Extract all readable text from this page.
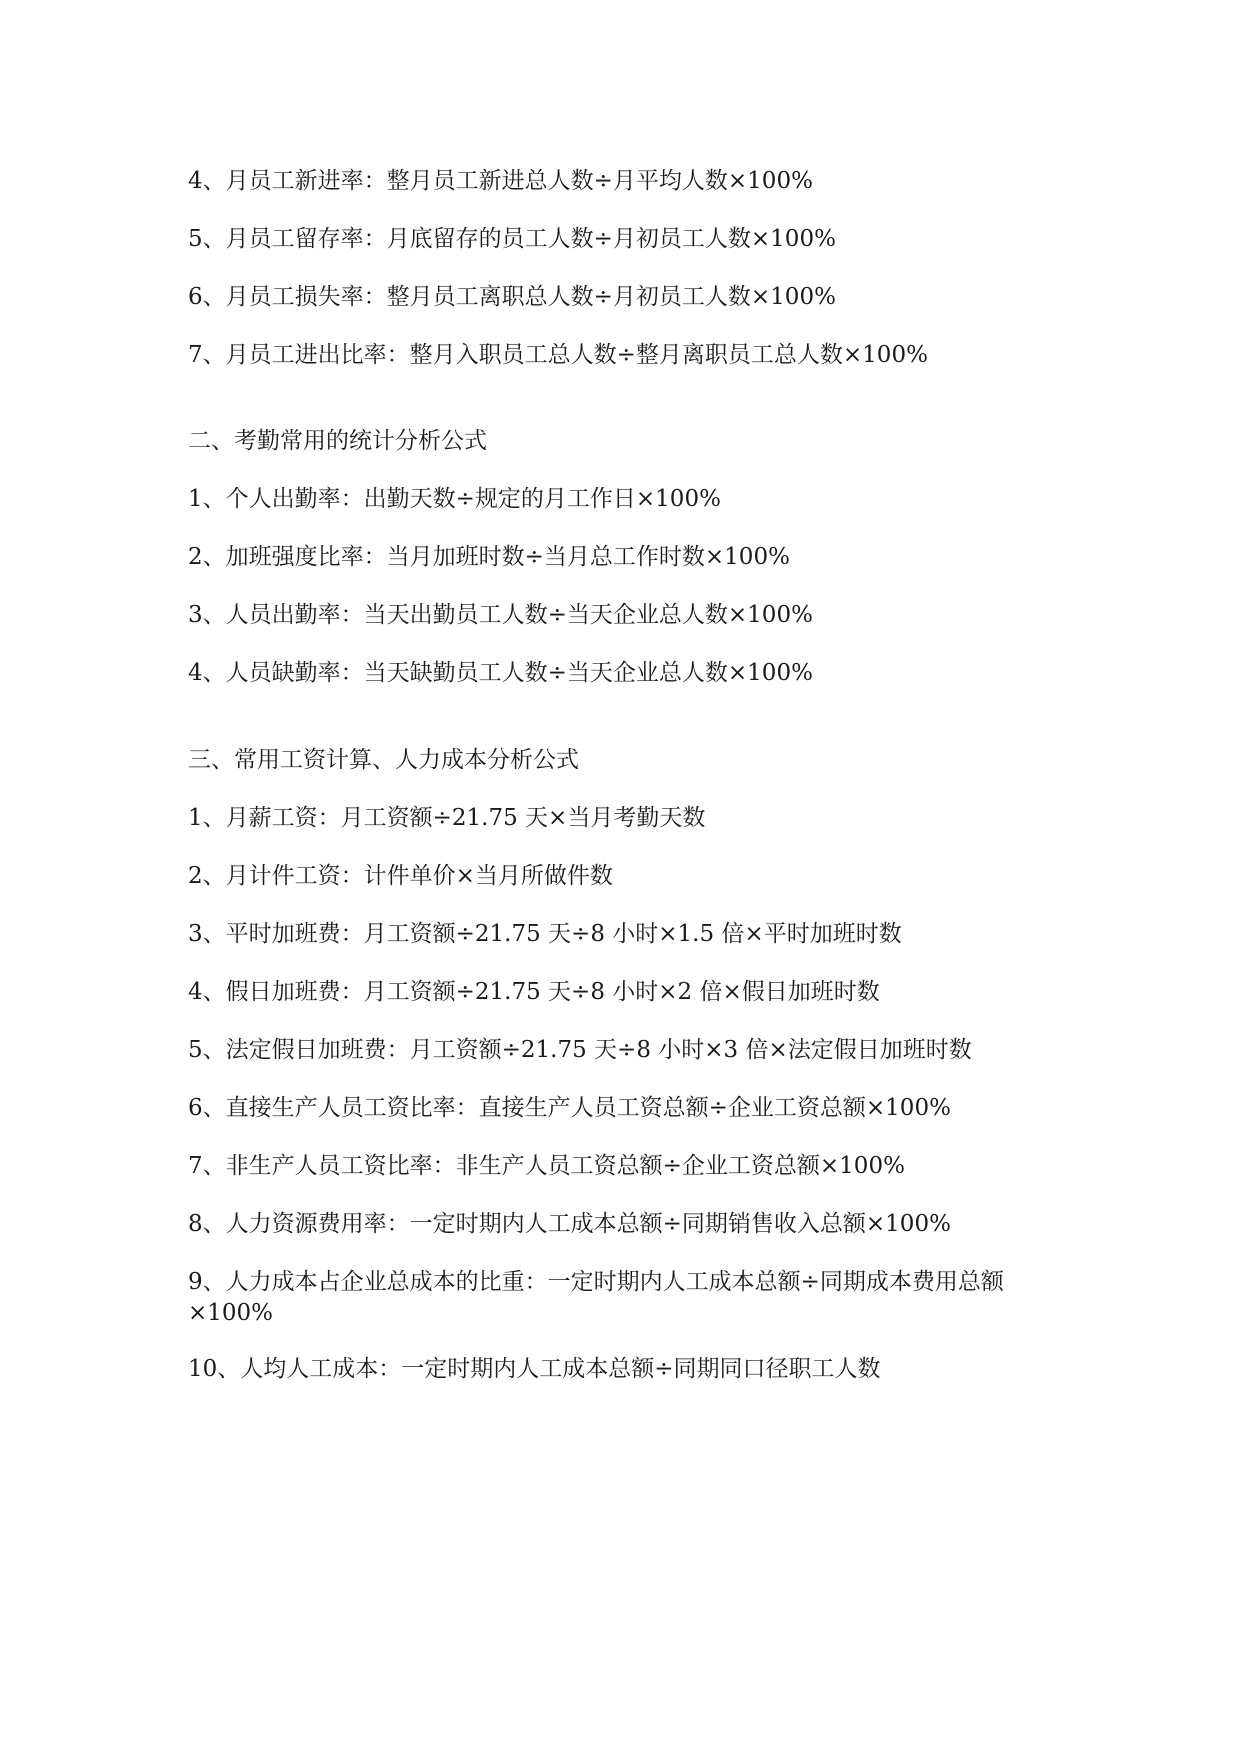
4、月员工新进率：整月员工新进总人数÷月平均人数×100%
5、月员工留存率：月底留存的员工人数÷月初员工人数×100%
6、月员工损失率：整月员工离职总人数÷月初员工人数×100%
7、月员工进出比率：整月入职员工总人数÷整月离职员工总人数×100%
二、考勤常用的统计分析公式
1、个人出勤率：出勤天数÷规定的月工作日×100%
2、加班强度比率：当月加班时数÷当月总工作时数×100%
3、人员出勤率：当天出勤员工人数÷当天企业总人数×100%
4、人员缺勤率：当天缺勤员工人数÷当天企业总人数×100%
三、常用工资计算、人力成本分析公式
1、月薪工资：月工资额÷21.75 天×当月考勤天数
2、月计件工资：计件单价×当月所做件数
3、平时加班费：月工资额÷21.75 天÷8 小时×1.5 倍×平时加班时数
4、假日加班费：月工资额÷21.75 天÷8 小时×2 倍×假日加班时数
5、法定假日加班费：月工资额÷21.75 天÷8 小时×3 倍×法定假日加班时数
6、直接生产人员工资比率：直接生产人员工资总额÷企业工资总额×100%
7、非生产人员工资比率：非生产人员工资总额÷企业工资总额×100%
8、人力资源费用率：一定时期内人工成本总额÷同期销售收入总额×100%
9、人力成本占企业总成本的比重：一定时期内人工成本总额÷同期成本费用总额×100%
10、人均人工成本：一定时期内人工成本总额÷同期同口径职工人数
